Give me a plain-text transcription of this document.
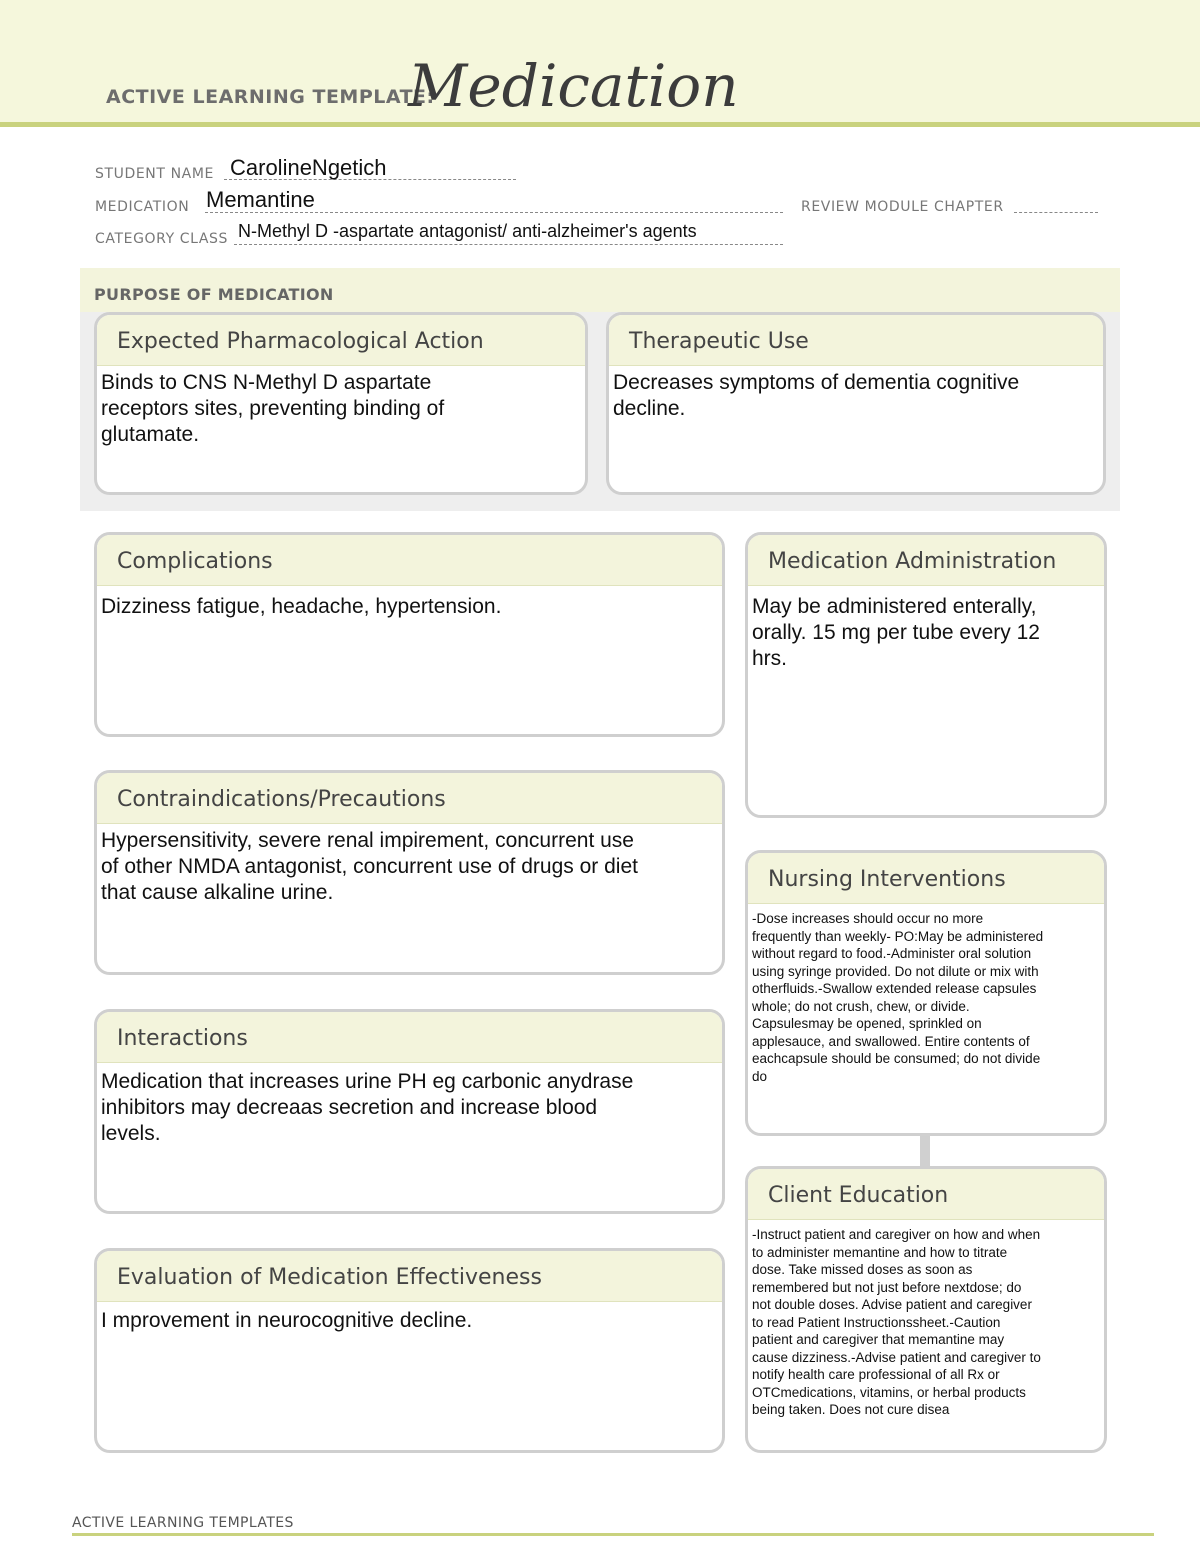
ACTIVE LEARNING TEMPLATE:
Medication
STUDENT NAME CarolineNgetich
MEDICATION Memantine	REVIEW MODULE CHAPTER
CATEGORY CLASS N-Methyl D -aspartate antagonist/ anti-alzheimer's agents
PURPOSE OF MEDICATION
Expected Pharmacological Action
Binds to CNS N-Methyl D aspartate
receptors sites, preventing binding of
glutamate.
Therapeutic Use
Decreases symptoms of dementia cognitive
decline.
Complications
Dizziness fatigue, headache, hypertension.
Contraindications/Precautions
Hypersensitivity, severe renal impirement, concurrent use
of other NMDA antagonist, concurrent use of drugs or diet
that cause alkaline urine.
Interactions
Medication that increases urine PH eg carbonic anydrase
inhibitors may decreaas secretion and increase blood
levels.
Evaluation of Medication Effectiveness
I mprovement in neurocognitive decline.
Medication Administration
May be administered enterally,
orally. 15 mg per tube every 12
hrs.
Nursing Interventions
-Dose increases should occur no more
frequently than weekly- PO:May be administered
without regard to food.-Administer oral solution
using syringe provided. Do not dilute or mix with
otherfluids.-Swallow extended release capsules
whole; do not crush, chew, or divide.
Capsulesmay be opened, sprinkled on
applesauce, and swallowed. Entire contents of
eachcapsule should be consumed; do not divide
do
Client Education
-Instruct patient and caregiver on how and when
to administer memantine and how to titrate
dose. Take missed doses as soon as
remembered but not just before nextdose; do
not double doses. Advise patient and caregiver
to read Patient Instructionssheet.-Caution
patient and caregiver that memantine may
cause dizziness.-Advise patient and caregiver to
notify health care professional of all Rx or
OTCmedications, vitamins, or herbal products
being taken. Does not cure disea
ACTIVE LEARNING TEMPLATES
